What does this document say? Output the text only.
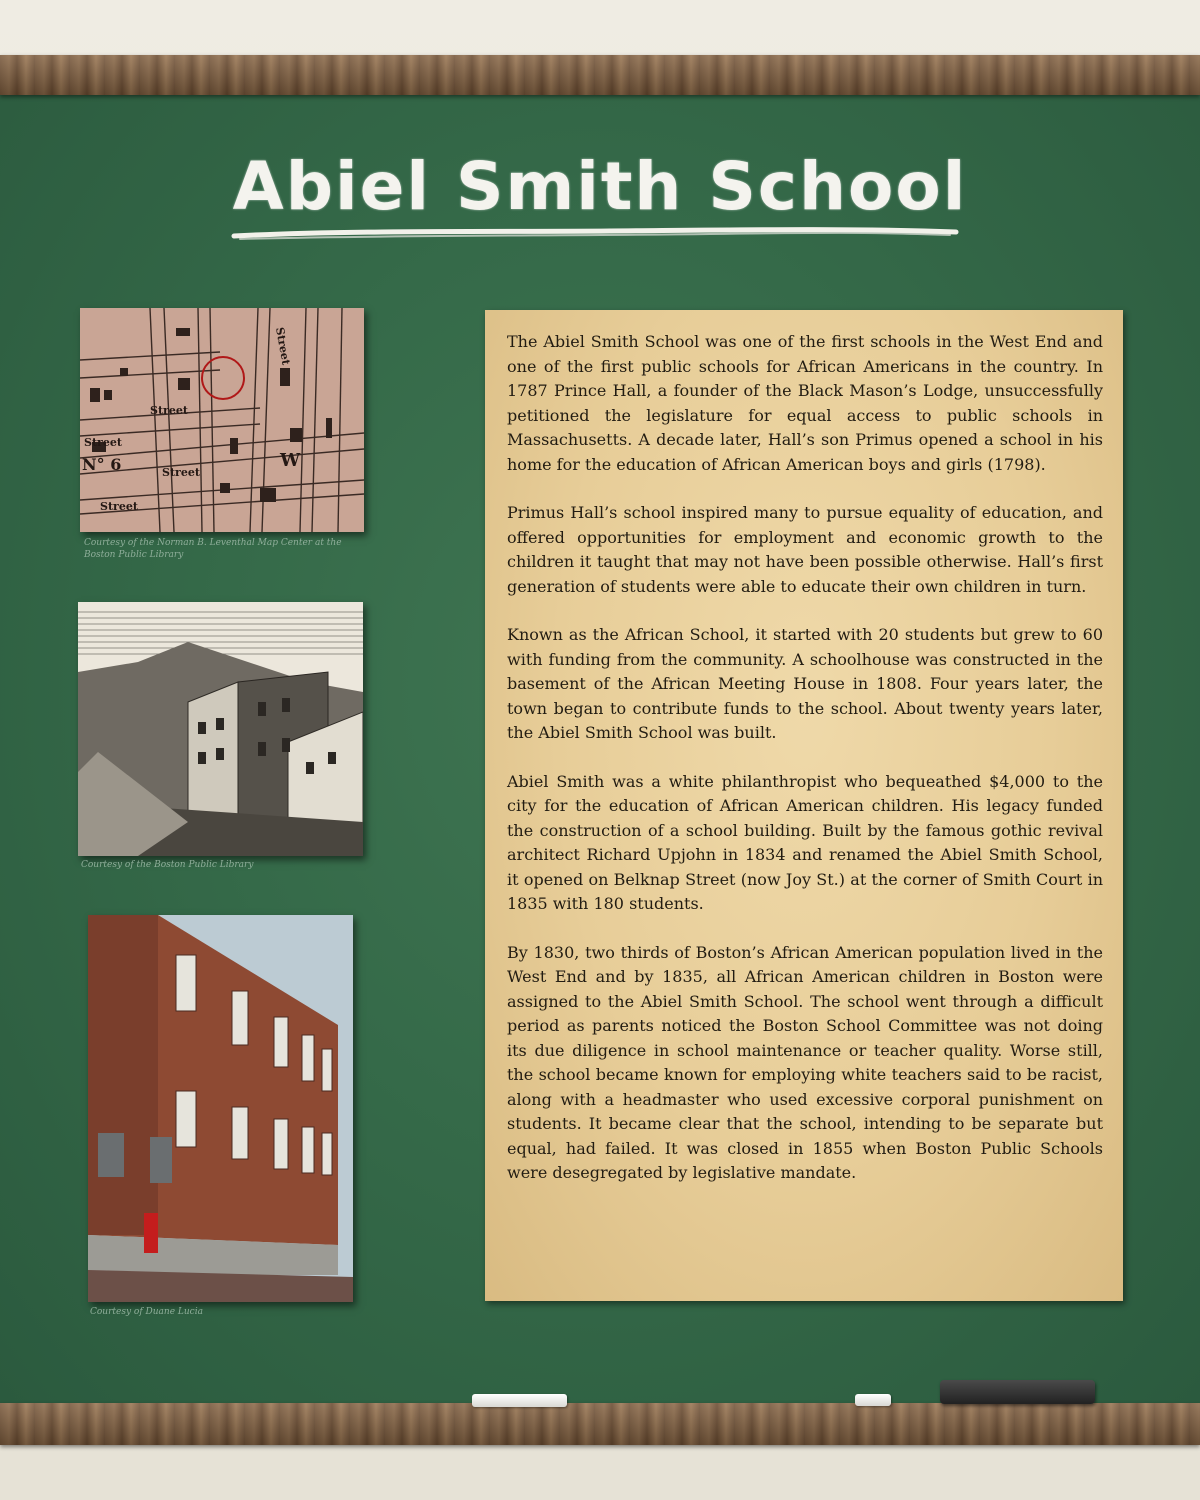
Abiel Smith School
Street
Street
Street
N° 6	W
Street
Street
Courtesy of the Norman B. Leventhal Map Center at the Boston Public Library
Courtesy of the Boston Public Library
Courtesy of Duane Lucia

The Abiel Smith School was one of the first schools in the West End and one of the first public schools for African Americans in the country. In 1787 Prince Hall, a founder of the Black Mason’s Lodge, unsuccessfully petitioned the legislature for equal access to public schools in Massachusetts. A decade later, Hall’s son Primus opened a school in his home for the education of African American boys and girls (1798).

Primus Hall’s school inspired many to pursue equality of education, and offered opportunities for employment and economic growth to the children it taught that may not have been possible otherwise. Hall’s first generation of students were able to educate their own children in turn.

Known as the African School, it started with 20 students but grew to 60 with funding from the community. A schoolhouse was constructed in the basement of the African Meeting House in 1808. Four years later, the town began to contribute funds to the school. About twenty years later, the Abiel Smith School was built.

Abiel Smith was a white philanthropist who bequeathed $4,000 to the city for the education of African American children. His legacy funded the construction of a school building. Built by the famous gothic revival architect Richard Upjohn in 1834 and renamed the Abiel Smith School, it opened on Belknap Street (now Joy St.) at the corner of Smith Court in 1835 with 180 students.

By 1830, two thirds of Boston’s African American population lived in the West End and by 1835, all African American children in Boston were assigned to the Abiel Smith School. The school went through a difficult period as parents noticed the Boston School Committee was not doing its due diligence in school maintenance or teacher quality. Worse still, the school became known for employing white teachers said to be racist, along with a headmaster who used excessive corporal punishment on students. It became clear that the school, intending to be separate but equal, had failed. It was closed in 1855 when Boston Public Schools were desegregated by legislative mandate.
